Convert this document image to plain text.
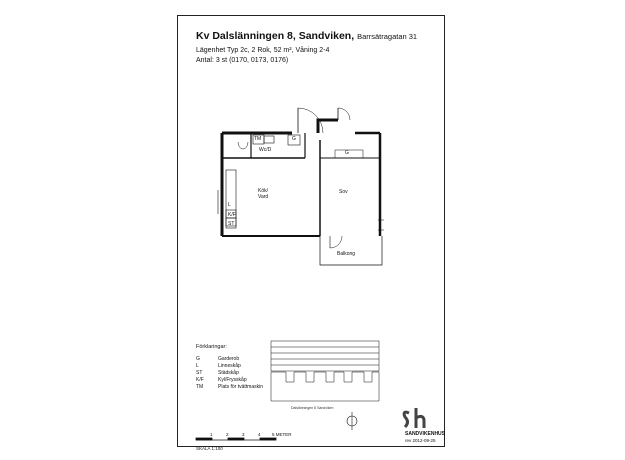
Kv Dalslänningen 8, Sandviken, Barrsätragatan 31
Lägenhet Typ 2c, 2 Rok, 52 m², Våning 2-4
Antal: 3 st (0170, 0173, 0176)
Kök/
Vard
Sov
Wc/D
Balkong
G
G
TM
L
K/F
ST
Förklaringar:
G	Garderob
L	Linneskåp
ST	Städskåp
K/F	Kyl/Frysskåp
TM	Plats för tvättmaskin
Dalslänningen 8 Sandviken
1	2	3	4	5 METER
SKALA 1:100
SANDVIKENHUS
rev 2012-09-25
